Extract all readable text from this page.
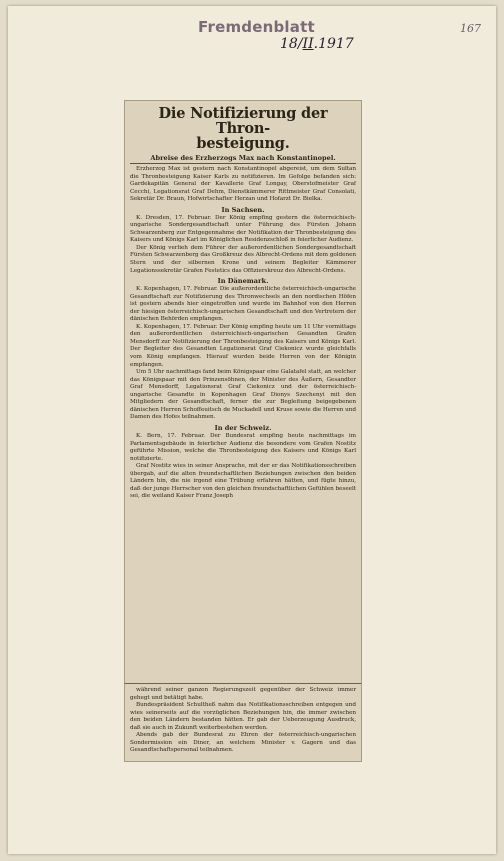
Fremdenblatt
18/II.1917
167
Die Notifizierung der Thron-
besteigung.
Abreise des Erzherzogs Max nach Konstantinopel.

Erzherzog Max ist gestern nach Konstantinopel abgereist, um dem Sultan die Thronbesteigung Kaiser Karls zu notifizieren. Im Gefolge befanden sich: Gardekapitän General der Kavallerie Graf Longay, Oberstofmeister Graf Cecchi, Legationsrat Graf Dehm, Dienstkämmerer Rittmeister Graf Consolati, Sekretär Dr. Braun, Hofwirtschafter Herzan und Hofarzt Dr. Bielka.

In Sachsen.

K. Dresden, 17. Februar. Der König empfing gestern die österreichisch-ungarische Sondergesandtschaft unter Führung des Fürsten Johann Schwarzenberg zur Entgegennahme der Notifikation der Thronbesteigung des Kaisers und Königs Karl im Königlichen Residenzschloß in feierlicher Audienz.

Der König verlieh dem Führer der außerordentlichen Sondergesandtschaft Fürsten Schwarzenberg das Großkreuz des Albrecht-Ordens mit dem goldenen Stern und der silbernen Krone und seinem Begleiter Kämmerer Legationssekretär Grafen Festetics das Offizierskreuz des Albrecht-Ordens.

In Dänemark.

K. Kopenhagen, 17. Februar. Die außerordentliche österreichisch-ungarische Gesandtschaft zur Notifizierung des Thronwechsels an den nordischen Höfen ist gestern abends hier eingetroffen und wurde im Bahnhof von den Herren der hiesigen österreichisch-ungarischen Gesandtschaft und den Vertretern der dänischen Behörden empfangen.

K. Kopenhagen, 17. Februar. Der König empfing heute um 11 Uhr vormittags den außerordentlichen österreichisch-ungarischen Gesandten Grafen Mensdorff zur Notifizierung der Thronbesteigung des Kaisers und Königs Karl. Der Begleiter des Gesandten Legationsrat Graf Ciekonicz wurde gleichfalls vom König empfangen. Hierauf wurden beide Herren von der Königin empfangen.

Um 5 Uhr nachmittags fand beim Königspaar eine Galatafel statt, an welcher das Königspaar mit den Prinzensöhnen, der Minister des Äußern, Gesandter Graf Mensdorff, Legationsrat Graf Ciekonicz und der österreichisch-ungarische Gesandte in Kopenhagen Graf Dionys Szechenyi mit den Mitgliedern der Gesandtschaft, ferner die zur Begleitung beigegebenen dänischen Herren Schoffeuitsch de Muckadell und Kruse sowie die Herren und Damen des Hofes teilnahmen.

In der Schweiz.

K. Bern, 17. Februar. Der Bundesrat empfing heute nachmittags im Parlamentsgebäude in feierlicher Audienz die besondere vom Grafen Nostitz geführte Mission, welche die Thronbesteigung des Kaisers und Königs Karl notifizierte.

Graf Nostitz wies in seiner Ansprache, mit der er das Notifikationsschreiben übergab, auf die alten freundschaftlichen Beziehungen zwischen den beiden Ländern hin, die nie irgend eine Trübung erfahren hätten, und fügte hinzu, daß der junge Herrscher von den gleichen freundschaftlichen Gefühlen beseelt sei, die weiland Kaiser Franz Joseph

während seiner ganzen Regierungszeit gegenüber der Schweiz immer gehegt und betätigt habe.

Bundespräsident Schultheß nahm das Notifikationsschreiben entgegen und wies seinerseits auf die vorzüglichen Beziehungen hin, die immer zwischen den beiden Ländern bestanden hätten. Er gab der Ueberzeugung Ausdruck, daß sie auch in Zukunft weiterbestehen werden.

Abends gab der Bundesrat zu Ehren der österreichisch-ungarischen Sondermission ein Diner, an welchem Minister v. Gagern und das Gesandtschaftspersonal teilnahmen.
